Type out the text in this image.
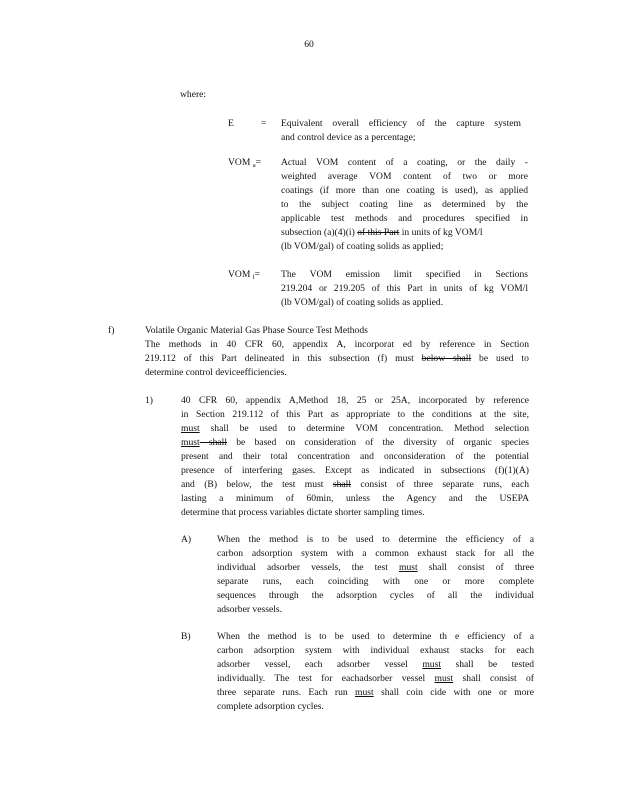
60
where:
E	= Equivalent overall efficiency of the capture system
and control device as a percentage;
VOM $_a$= Actual VOM content of a coating, or the daily -
weighted average VOM content of two or more
coatings (if more than one coating is used), as applied
to the subject coating line as determined by the
applicable test methods and procedures specified in
subsection (a)(4)(i) of this Part in units of kg VOM/l
(lb VOM/gal) of coating solids as applied;
VOM $_l$= The VOM emission limit specified in Sections
219.204 or 219.205 of this Part in units of kg VOM/l
(lb VOM/gal) of coating solids as applied.
f)	Volatile Organic Material Gas Phase Source Test Methods
The methods in 40 CFR 60, appendix A, incorporat ed by reference in Section
219.112 of this Part delineated in this subsection (f) must below shall be used to
determine control deviceefficiencies.
1)	40 CFR 60, appendix A,Method 18, 25 or 25A, incorporated by reference
in Section 219.112 of this Part as appropriate to the conditions at the site,
must shall be used to determine VOM concentration. Method selection
must shall be based on consideration of the diversity of organic species
present and their total concentration and onconsideration of the potential
presence of interfering gases. Except as indicated in subsections (f)(1)(A)
and (B) below, the test must shall consist of three separate runs, each
lasting a minimum of 60min, unless the Agency and the USEPA
determine that process variables dictate shorter sampling times.
A)	When the method is to be used to determine the efficiency of a
carbon adsorption system with a common exhaust stack for all the
individual adsorber vessels, the test must shall consist of three
separate runs, each coinciding with one or more complete
sequences through the adsorption cycles of all the individual
adsorber vessels.
B)	When the method is to be used to determine th e efficiency of a
carbon adsorption system with individual exhaust stacks for each
adsorber vessel, each adsorber vessel must shall be tested
individually. The test for eachadsorber vessel must shall consist of
three separate runs. Each run must shall coin cide with one or more
complete adsorption cycles.
